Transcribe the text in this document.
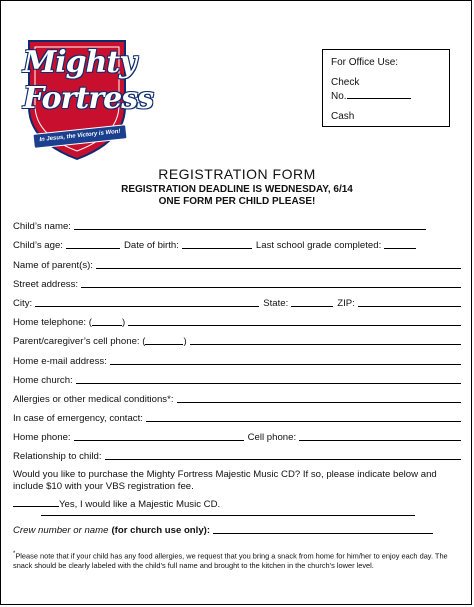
Mighty
Fortress
In Jesus, the Victory is Won!
For Office Use:
Check
No.
Cash
REGISTRATION FORM
REGISTRATION DEADLINE IS WEDNESDAY, 6/14
ONE FORM PER CHILD PLEASE!
Child’s name:
Child’s age:	Date of birth:	Last school grade completed:
Name of parent(s):
Street address:
City:	State:	ZIP:
Home telephone: (	)
Parent/caregiver’s cell phone: (	)
Home e-mail address:
Home church:
Allergies or other medical conditions*:
In case of emergency, contact:
Home phone:	Cell phone:
Relationship to child:
Would you like to purchase the Mighty Fortress Majestic Music CD? If so, please indicate below and include $10 with your VBS registration fee.
Yes, I would like a Majestic Music CD.
Crew number or name (for church use only):
*Please note that if your child has any food allergies, we request that you bring a snack from home for him/her to enjoy each day. The snack should be clearly labeled with the child’s full name and brought to the kitchen in the church’s lower level.
